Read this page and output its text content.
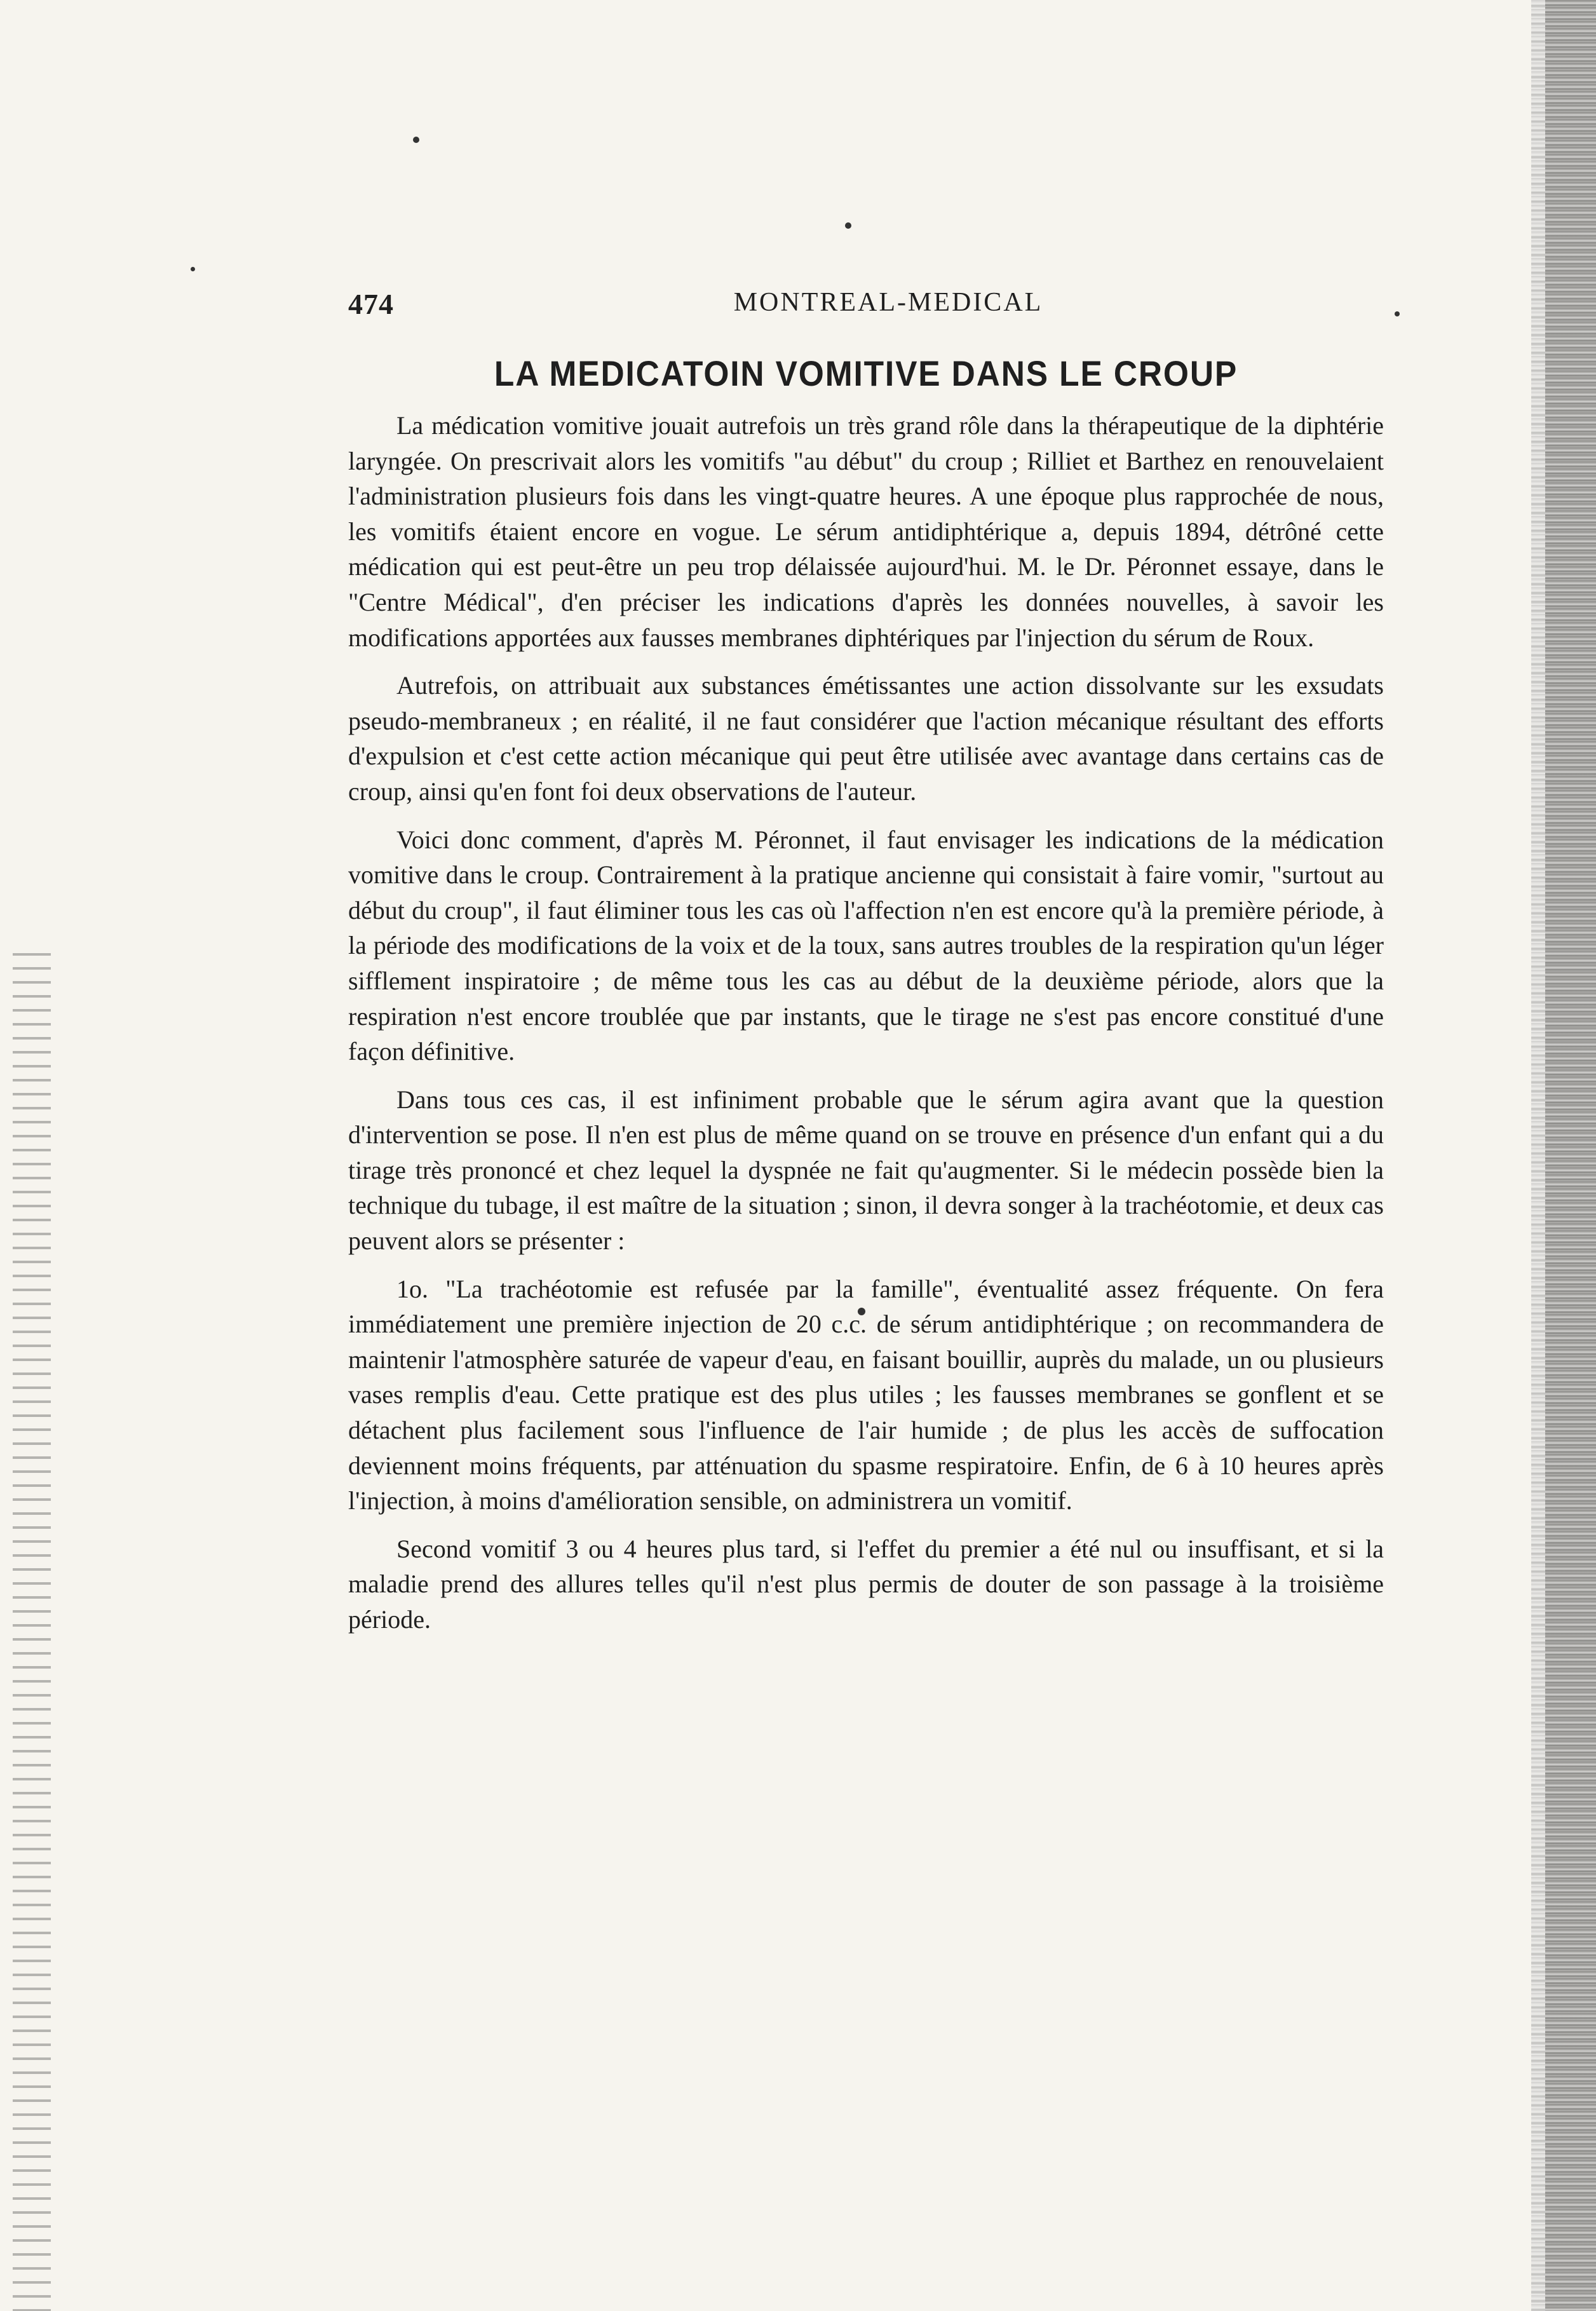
474	MONTREAL-MEDICAL
LA MEDICATOIN VOMITIVE DANS LE CROUP

La médication vomitive jouait autrefois un très grand rôle dans la thérapeutique de la diphtérie laryngée. On prescrivait alors les vomitifs "au début" du croup ; Rilliet et Barthez en renouvelaient l'administration plusieurs fois dans les vingt-quatre heures. A une époque plus rapprochée de nous, les vomitifs étaient encore en vogue. Le sérum antidiphtérique a, depuis 1894, détrôné cette médication qui est peut-être un peu trop délaissée aujourd'hui. M. le Dr. Péronnet essaye, dans le "Centre Médical", d'en préciser les indications d'après les données nouvelles, à savoir les modifications apportées aux fausses membranes diphtériques par l'injection du sérum de Roux.

Autrefois, on attribuait aux substances émétissantes une action dissolvante sur les exsudats pseudo-membraneux ; en réalité, il ne faut considérer que l'action mécanique résultant des efforts d'expulsion et c'est cette action mécanique qui peut être utilisée avec avantage dans certains cas de croup, ainsi qu'en font foi deux observations de l'auteur.

Voici donc comment, d'après M. Péronnet, il faut envisager les indications de la médication vomitive dans le croup. Contrairement à la pratique ancienne qui consistait à faire vomir, "surtout au début du croup", il faut éliminer tous les cas où l'affection n'en est encore qu'à la première période, à la période des modifications de la voix et de la toux, sans autres troubles de la respiration qu'un léger sifflement inspiratoire ; de même tous les cas au début de la deuxième période, alors que la respiration n'est encore troublée que par instants, que le tirage ne s'est pas encore constitué d'une façon définitive.

Dans tous ces cas, il est infiniment probable que le sérum agira avant que la question d'intervention se pose. Il n'en est plus de même quand on se trouve en présence d'un enfant qui a du tirage très prononcé et chez lequel la dyspnée ne fait qu'augmenter. Si le médecin possède bien la technique du tubage, il est maître de la situation ; sinon, il devra songer à la trachéotomie, et deux cas peuvent alors se présenter :

1o. "La trachéotomie est refusée par la famille", éventualité assez fréquente. On fera immédiatement une première injection de 20 c.c. de sérum antidiphtérique ; on recommandera de maintenir l'atmosphère saturée de vapeur d'eau, en faisant bouillir, auprès du malade, un ou plusieurs vases remplis d'eau. Cette pratique est des plus utiles ; les fausses membranes se gonflent et se détachent plus facilement sous l'influence de l'air humide ; de plus les accès de suffocation deviennent moins fréquents, par atténuation du spasme respiratoire. Enfin, de 6 à 10 heures après l'injection, à moins d'amélioration sensible, on administrera un vomitif.

Second vomitif 3 ou 4 heures plus tard, si l'effet du premier a été nul ou insuffisant, et si la maladie prend des allures telles qu'il n'est plus permis de douter de son passage à la troisième période.
